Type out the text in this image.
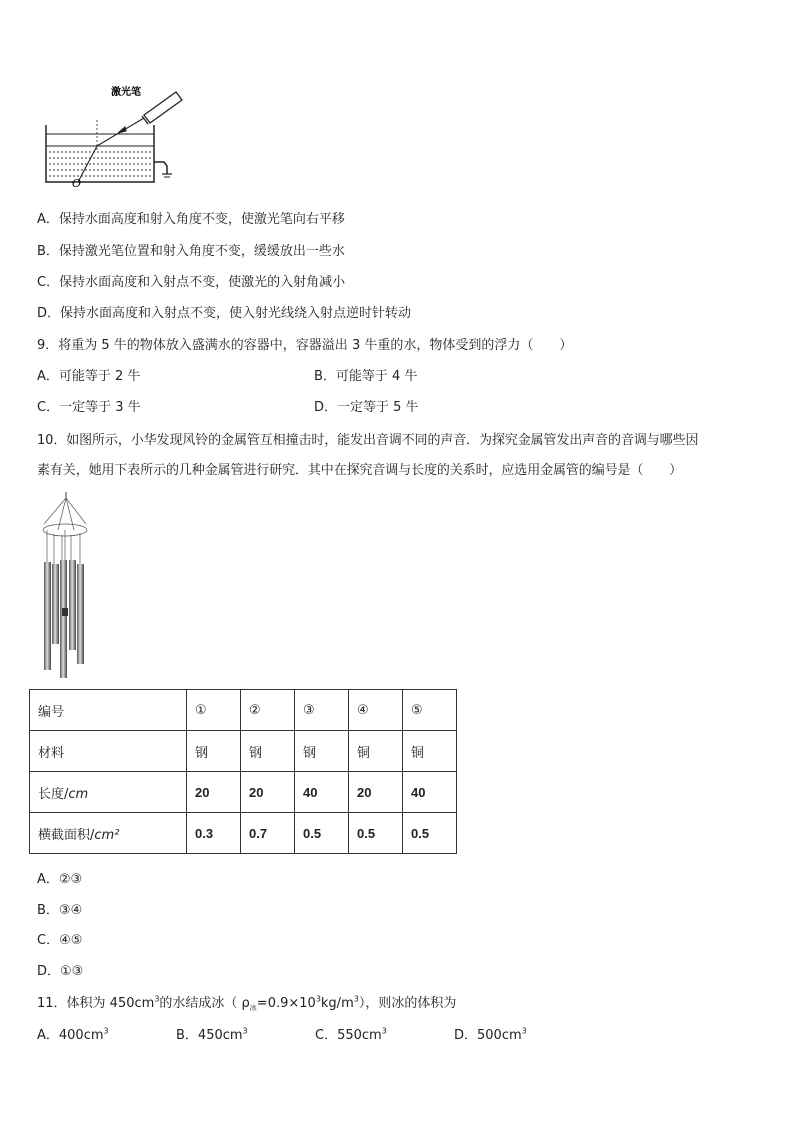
激光笔
O
A．保持水面高度和射入角度不变，使激光笔向右平移
B．保持激光笔位置和射入角度不变，缓缓放出一些水
C．保持水面高度和入射点不变，使激光的入射角减小
D．保持水面高度和入射点不变，使入射光线绕入射点逆时针转动
9．将重为 5 牛的物体放入盛满水的容器中，容器溢出 3 牛重的水，物体受到的浮力（　　）
A．可能等于 2 牛	B．可能等于 4 牛
C．一定等于 3 牛	D．一定等于 5 牛
10．如图所示，小华发现风铃的金属管互相撞击时，能发出音调不同的声音．为探究金属管发出声音的音调与哪些因
素有关，她用下表所示的几种金属管进行研究．其中在探究音调与长度的关系时，应选用金属管的编号是（　　）
编号	①	②	③	④	⑤
材料	钢	钢	钢	铜	铜
长度/cm	20	20	40	20	40
横截面积/cm²	0.3	0.7	0.5	0.5	0.5
A．②③
B．③④
C．④⑤
D．①③
11．体积为 $450cm^3$的水结成冰（ $\rho_冰=0.9\times 10^3kg/m^3$），则冰的体积为
A．$400cm^3$	B．$450cm^3$	C．$550cm^3$	D．$500cm^3$
